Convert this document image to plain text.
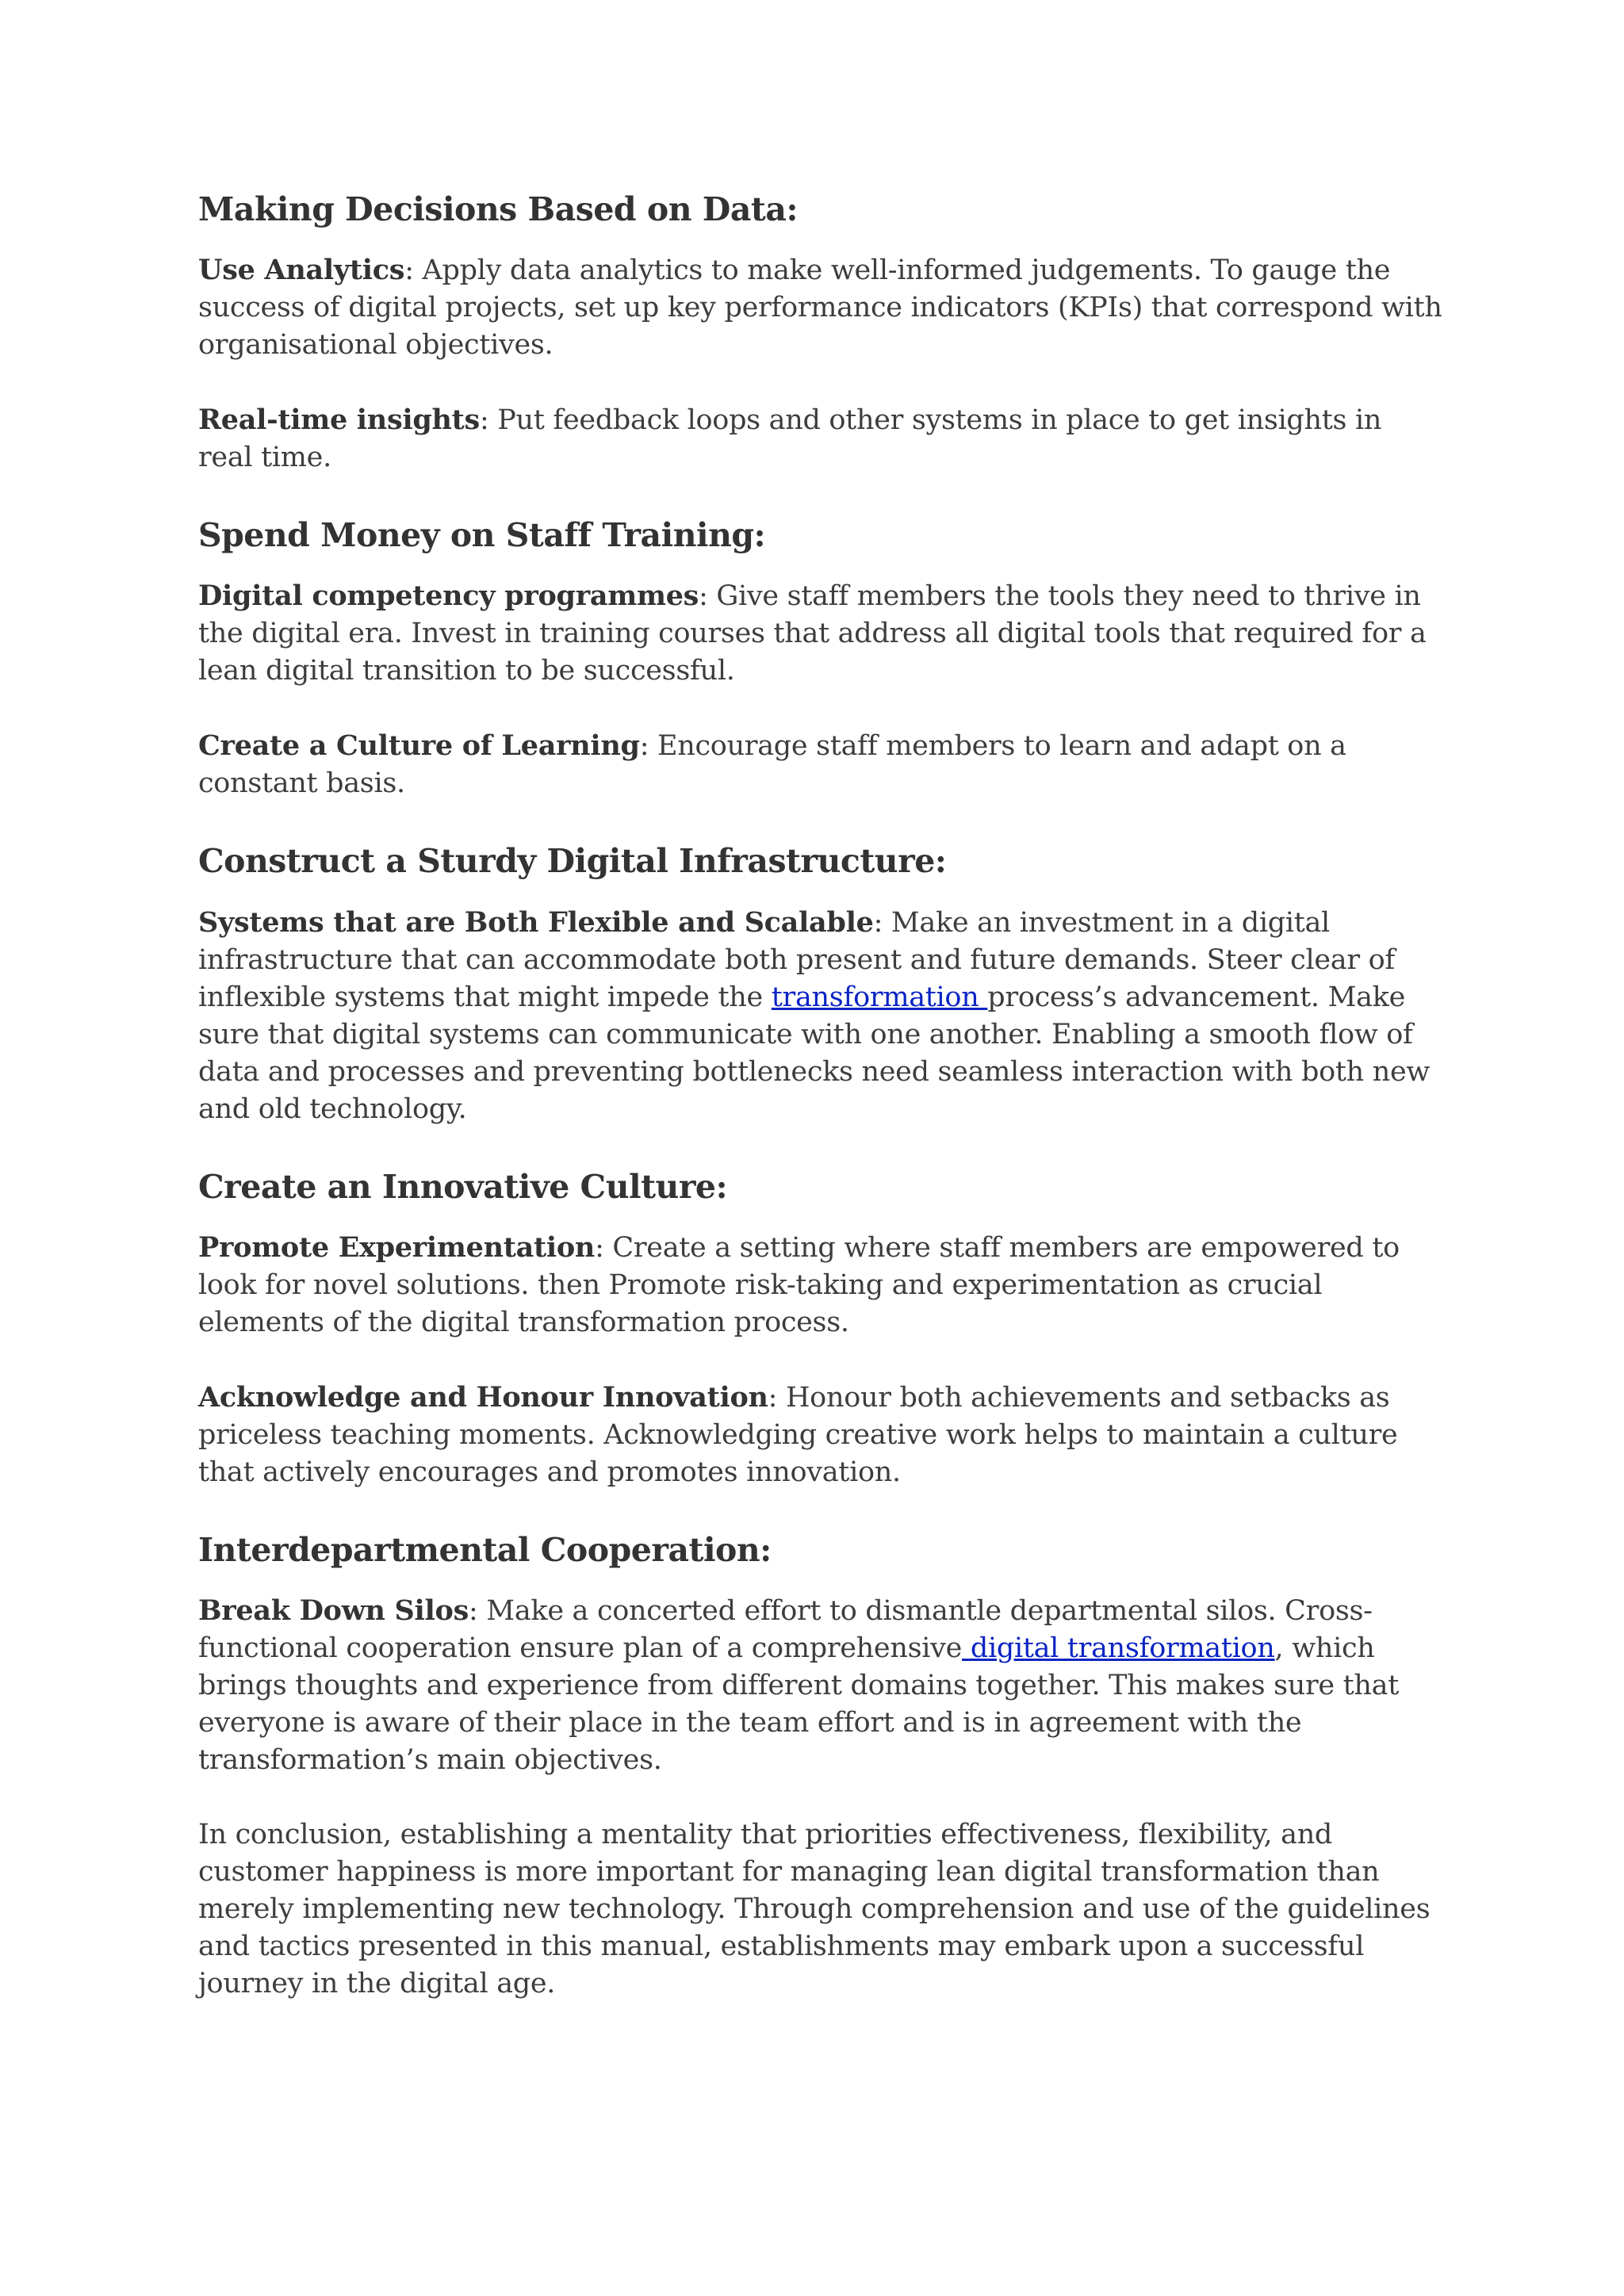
Making Decisions Based on Data:

Use Analytics: Apply data analytics to make well-informed judgements. To gauge the success of digital projects, set up key performance indicators (KPIs) that correspond with organisational objectives.

Real-time insights: Put feedback loops and other systems in place to get insights in real time.

Spend Money on Staff Training:

Digital competency programmes: Give staff members the tools they need to thrive in the digital era. Invest in training courses that address all digital tools that required for a lean digital transition to be successful.

Create a Culture of Learning: Encourage staff members to learn and adapt on a constant basis.

Construct a Sturdy Digital Infrastructure:

Systems that are Both Flexible and Scalable: Make an investment in a digital infrastructure that can accommodate both present and future demands. Steer clear of inflexible systems that might impede the transformation process’s advancement. Make sure that digital systems can communicate with one another. Enabling a smooth flow of data and processes and preventing bottlenecks need seamless interaction with both new and old technology.

Create an Innovative Culture:

Promote Experimentation: Create a setting where staff members are empowered to look for novel solutions. then Promote risk-taking and experimentation as crucial elements of the digital transformation process.

Acknowledge and Honour Innovation: Honour both achievements and setbacks as priceless teaching moments. Acknowledging creative work helps to maintain a culture that actively encourages and promotes innovation.

Interdepartmental Cooperation:

Break Down Silos: Make a concerted effort to dismantle departmental silos. Cross-functional cooperation ensure plan of a comprehensive digital transformation, which brings thoughts and experience from different domains together. This makes sure that everyone is aware of their place in the team effort and is in agreement with the transformation’s main objectives.

In conclusion, establishing a mentality that priorities effectiveness, flexibility, and customer happiness is more important for managing lean digital transformation than merely implementing new technology. Through comprehension and use of the guidelines and tactics presented in this manual, establishments may embark upon a successful journey in the digital age.
